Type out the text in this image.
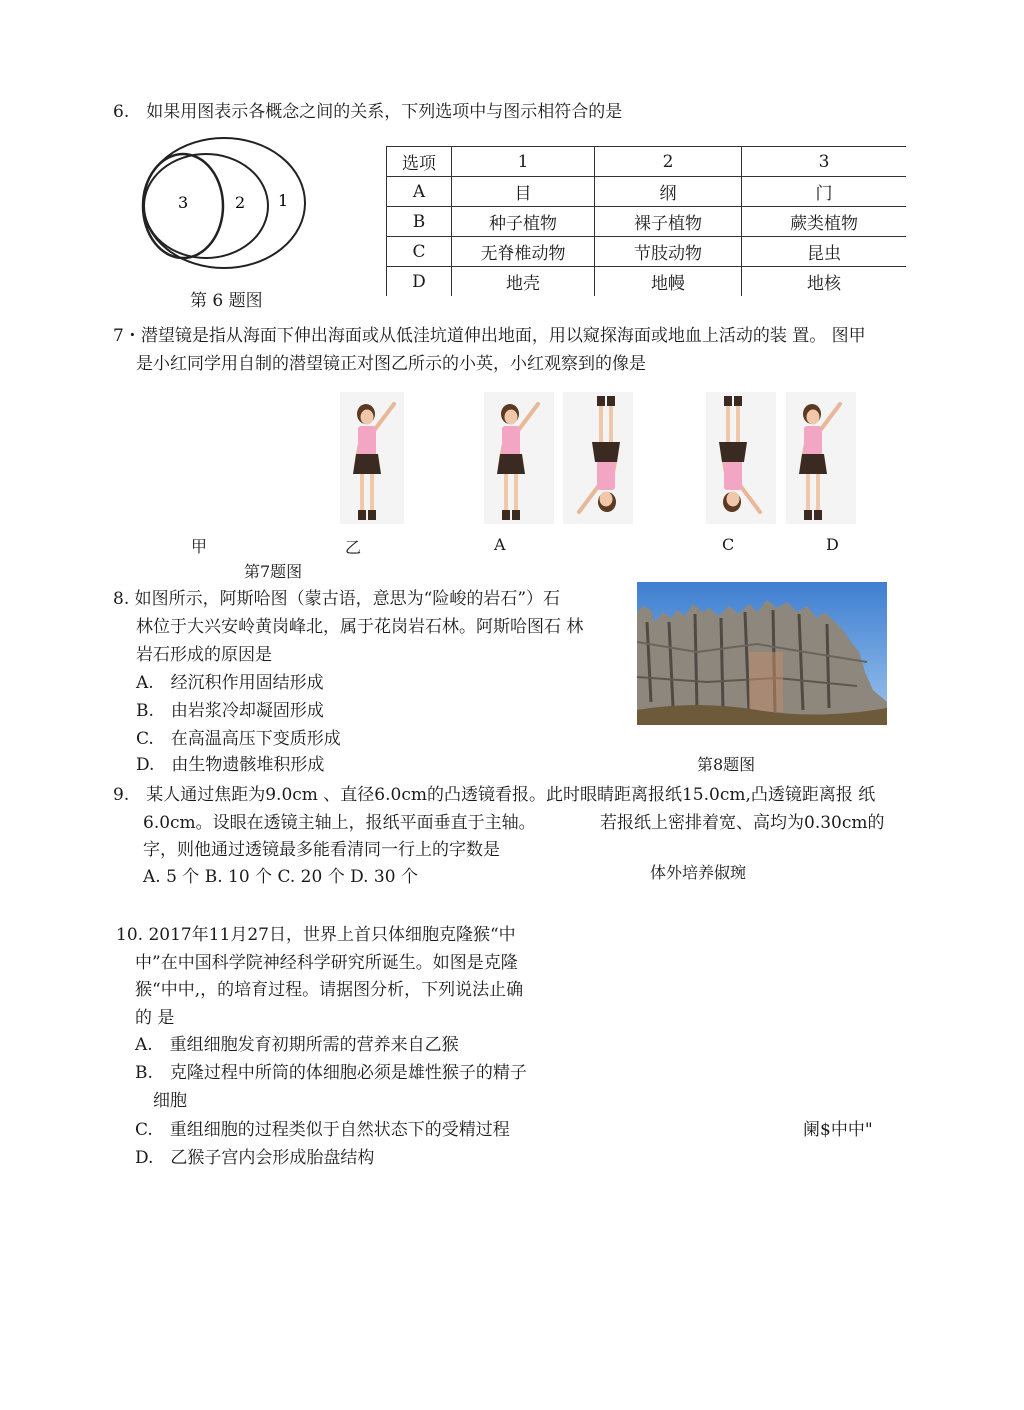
6.　如果用图表示各概念之间的关系，下列选项中与图示相符合的是
3	2 1
第 6 题图
选项	1	2	3
A	目	纲	门
B	种子植物	裸子植物	蕨类植物
C	无脊椎动物	节肢动物	昆虫
D	地壳	地幔	地核
7・潜望镜是指从海面下伸出海面或从低洼坑道伸出地面，用以窥探海面或地血上活动的装 置。 图甲
是小红同学用自制的潜望镜正对图乙所示的小英，小红观察到的像是
甲	乙	A	C	D
第7题图
8. 如图所示，阿斯哈图（蒙古语，意思为“险峻的岩石”）石
林位于大兴安岭黄岗峰北，属于花岗岩石林。阿斯哈图石 林
岩石形成的原因是
A.　经沉积作用固结形成
B.　由岩浆冷却凝固形成
C.　在高温高压下变质形成
D.　由生物遗骸堆积形成	第8题图
9.　某人通过焦距为9.0cm 、直径6.0cm的凸透镜看报。此时眼睛距离报纸15.0cm,凸透镜距离报 纸
6.0cm。设眼在透镜主轴上，报纸平面垂直于主轴。	若报纸上密排着宽、高均为0.30cm的
字，则他通过透镜最多能看清同一行上的字数是
A. 5 个 B. 10 个 C. 20 个 D. 30 个	体外培养俶琬
10. 2017年11月27日，世界上首只体细胞克隆猴“中
中”在中国科学院神经科学研究所诞生。如图是克隆
猴“中中,，的培育过程。请据图分析，下列说法止确
的 是
A.　重组细胞发育初期所需的营养来自乙猴
B.　克隆过程中所筒的体细胞必须是雄性猴子的精子
细胞
C.　重组细胞的过程类似于自然状态下的受精过程
D.　乙猴子宫内会形成胎盘结构
阑$中中"
